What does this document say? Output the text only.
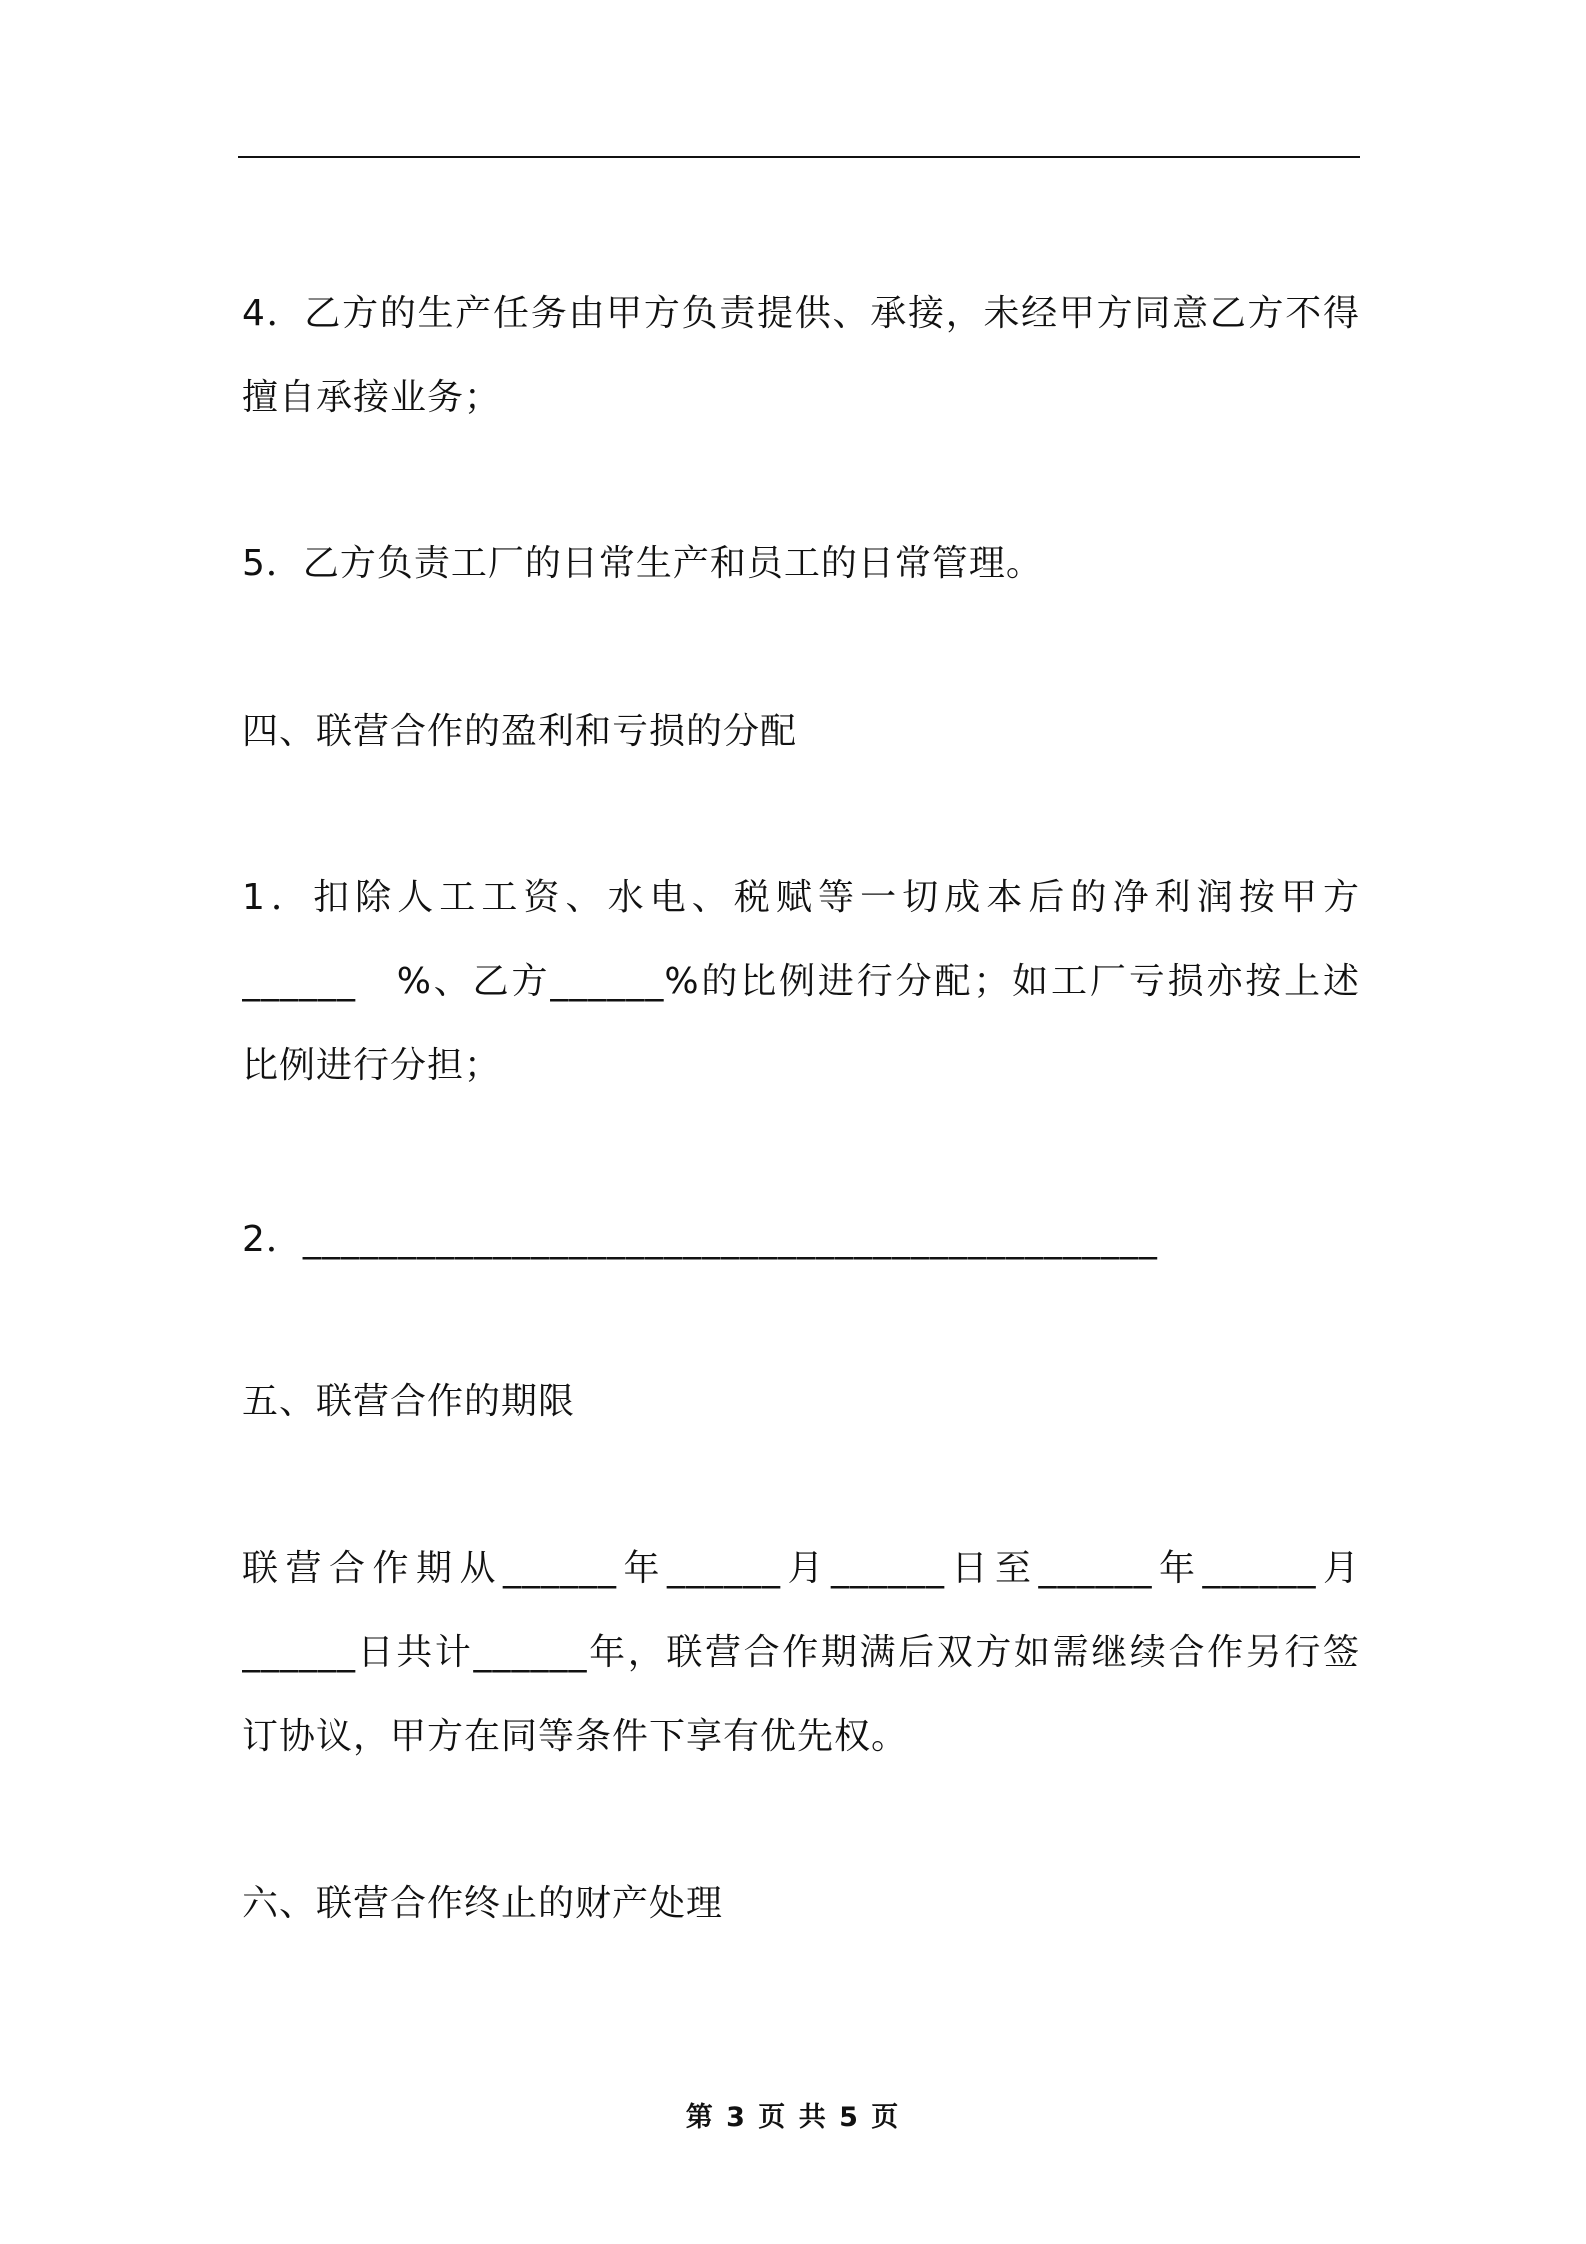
4．乙方的生产任务由甲方负责提供、承接，未经甲方同意乙方不得
擅自承接业务；
5．乙方负责工厂的日常生产和员工的日常管理。
四、联营合作的盈利和亏损的分配
1．扣除人工工资、水电、税赋等一切成本后的净利润按甲方
______　%、乙方______%的比例进行分配；如工厂亏损亦按上述
比例进行分担；
2．_____________________________________________
五、联营合作的期限
联营合作期从______年______月______日至______年______月
______日共计______年，联营合作期满后双方如需继续合作另行签
订协议，甲方在同等条件下享有优先权。
六、联营合作终止的财产处理
第 3 页 共 5 页
